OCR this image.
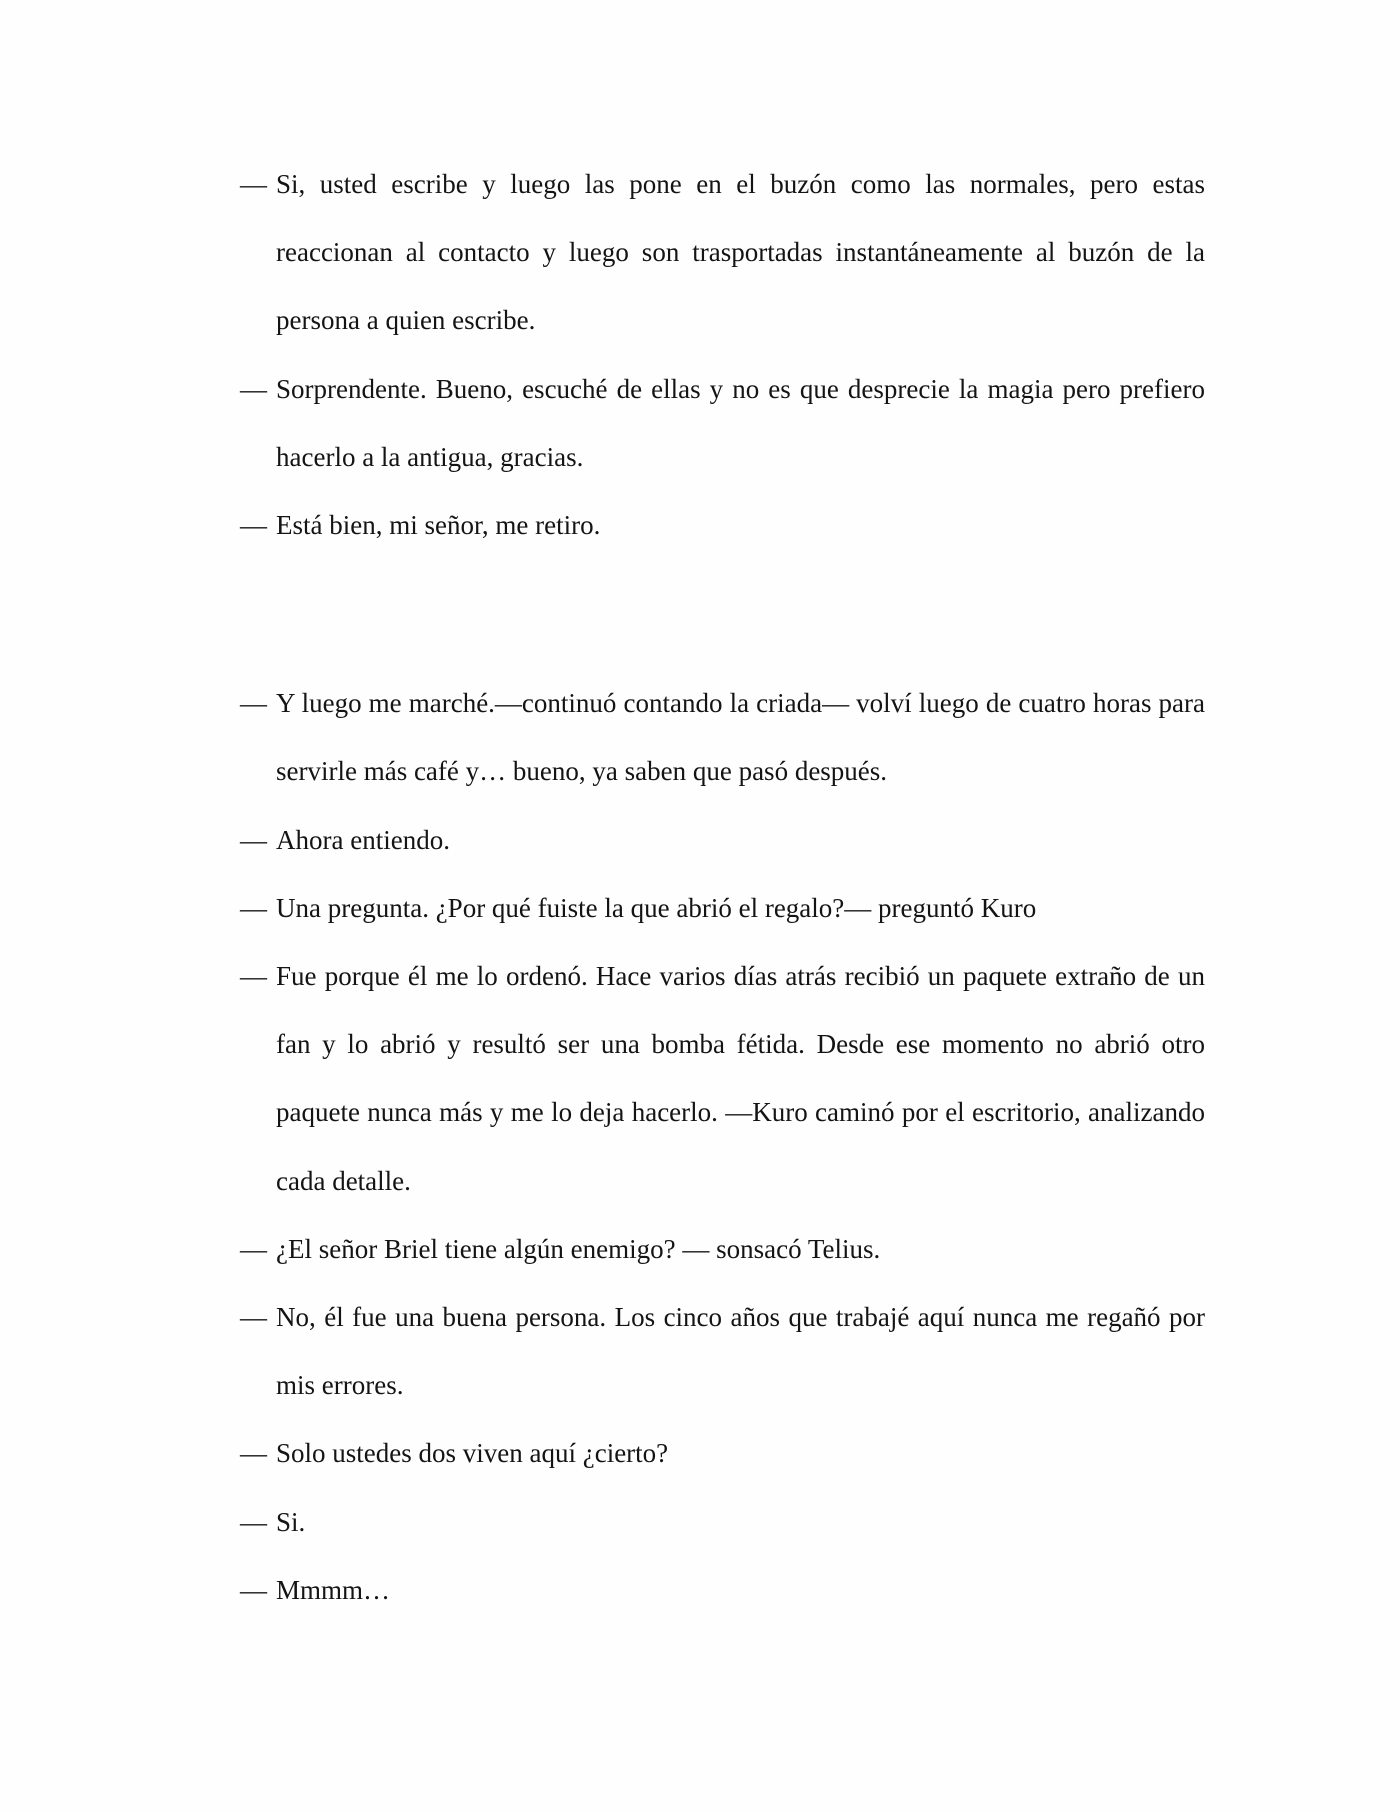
— Si, usted escribe y luego las pone en el buzón como las normales, pero estas reaccionan al contacto y luego son trasportadas instantáneamente al buzón de la persona a quien escribe.
— Sorprendente. Bueno, escuché de ellas y no es que desprecie la magia pero prefiero hacerlo a la antigua, gracias.
— Está bien, mi señor, me retiro.
— Y luego me marché.—continuó contando la criada— volví luego de cuatro horas para servirle más café y… bueno, ya saben que pasó después.
— Ahora entiendo.
— Una pregunta. ¿Por qué fuiste la que abrió el regalo?— preguntó Kuro
— Fue porque él me lo ordenó. Hace varios días atrás recibió un paquete extraño de un fan y lo abrió y resultó ser una bomba fétida. Desde ese momento no abrió otro paquete nunca más y me lo deja hacerlo. —Kuro caminó por el escritorio, analizando cada detalle.
— ¿El señor Briel tiene algún enemigo? — sonsacó Telius.
— No, él fue una buena persona. Los cinco años que trabajé aquí nunca me regañó por mis errores.
— Solo ustedes dos viven aquí ¿cierto?
— Si.
— Mmmm…
